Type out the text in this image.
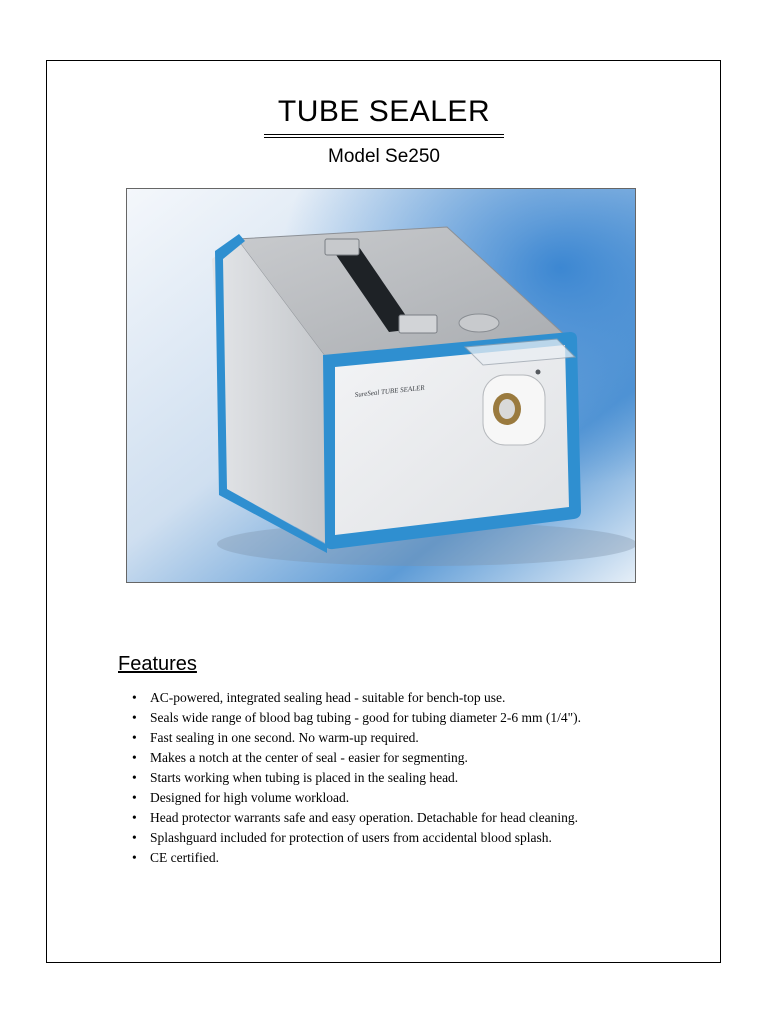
TUBE SEALER
Model Se250
SureSeal TUBE SEALER
Features
• AC-powered, integrated sealing head - suitable for bench-top use.
• Seals wide range of blood bag tubing - good for tubing diameter 2-6 mm (1/4").
• Fast sealing in one second. No warm-up required.
• Makes a notch at the center of seal - easier for segmenting.
• Starts working when tubing is placed in the sealing head.
• Designed for high volume workload.
• Head protector warrants safe and easy operation. Detachable for head cleaning.
• Splashguard included for protection of users from accidental blood splash.
• CE certified.
